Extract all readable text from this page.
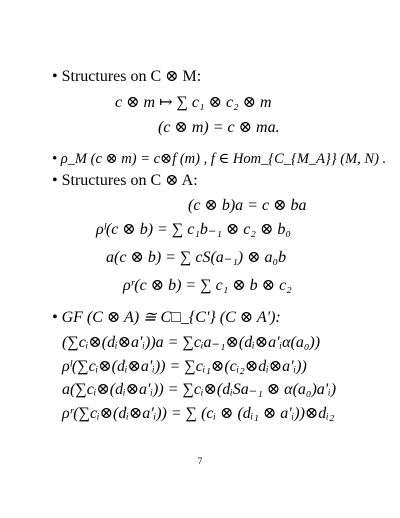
• Structures on C ⊗ M:
c ⊗ m ↦ ∑ c₁ ⊗ c₂ ⊗ m
(c ⊗ m) = c ⊗ ma.
• ρ_M (c ⊗ m) = c⊗f (m) , f ∈ Hom_{C_{M_A}} (M, N) .
• Structures on C ⊗ A:
(c ⊗ b)a = c ⊗ ba
ρˡ(c ⊗ b) = ∑ c₁b₋₁ ⊗ c₂ ⊗ b₀
a(c ⊗ b) = ∑ cS(a₋₁) ⊗ a₀b
ρʳ(c ⊗ b) = ∑ c₁ ⊗ b ⊗ c₂
• GF (C ⊗ A) ≅ C□_{C'} (C ⊗ A'):
(∑cᵢ⊗(dᵢ⊗a'ᵢ))a = ∑cᵢa₋₁⊗(dᵢ⊗a'ᵢα(a₀))
ρˡ(∑cᵢ⊗(dᵢ⊗a'ᵢ)) = ∑cᵢ₁⊗(cᵢ₂⊗dᵢ⊗a'ᵢ))
a(∑cᵢ⊗(dᵢ⊗a'ᵢ)) = ∑cᵢ⊗(dᵢSa₋₁ ⊗ α(a₀)a'ᵢ)
ρʳ(∑cᵢ⊗(dᵢ⊗a'ᵢ)) = ∑ (cᵢ ⊗ (dᵢ₁ ⊗ a'ᵢ))⊗dᵢ₂
7
